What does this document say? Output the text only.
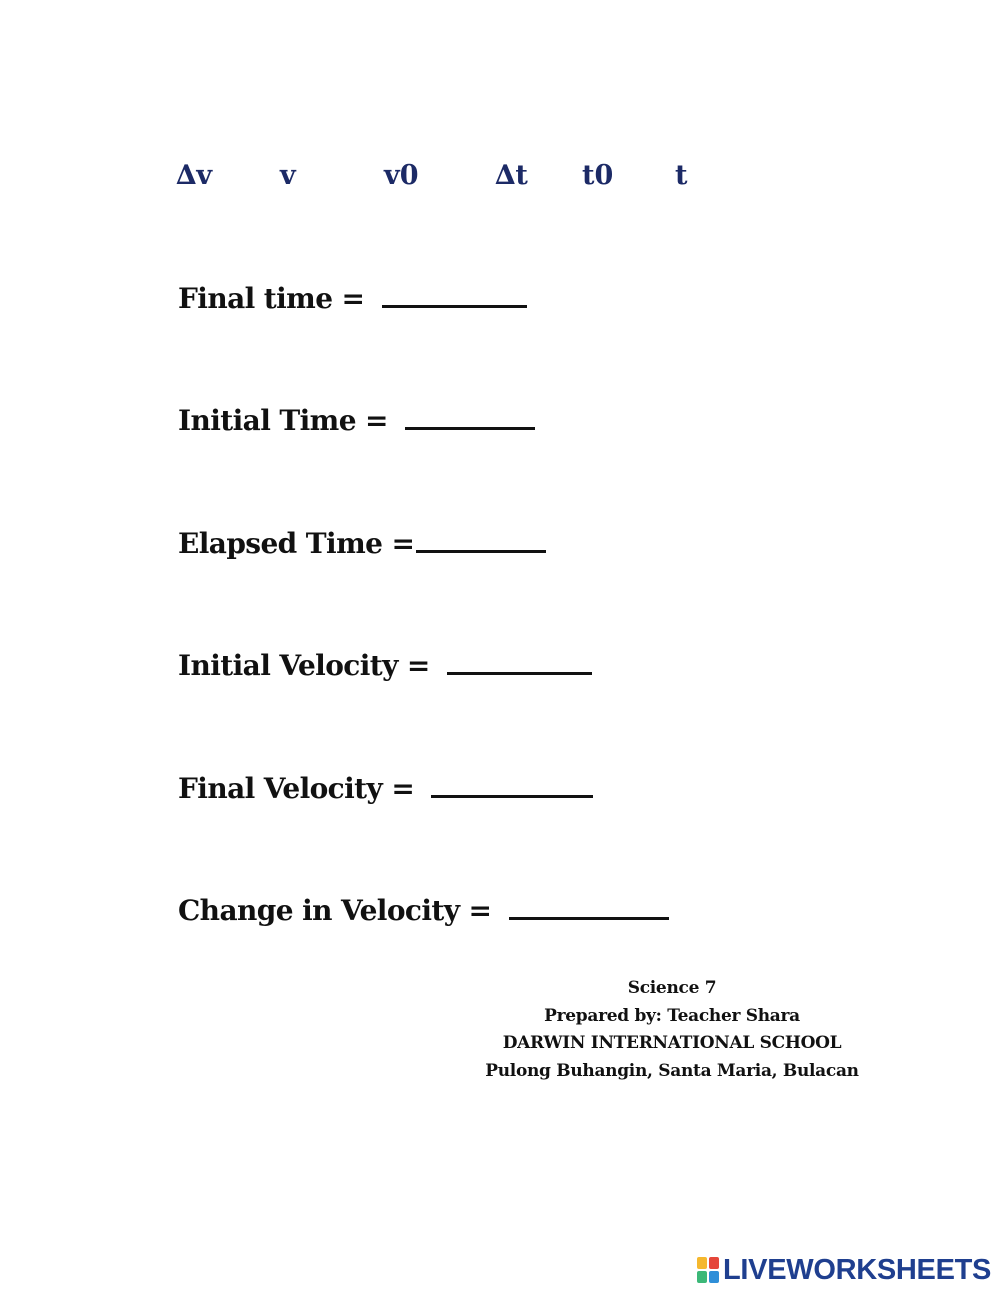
∆v	v	v0	∆t t0 t
Final time =
Initial Time =
Elapsed Time =
Initial Velocity =
Final Velocity =
Change in Velocity =
Science 7
Prepared by: Teacher Shara
DARWIN INTERNATIONAL SCHOOL
Pulong Buhangin, Santa Maria, Bulacan
LIVEWORKSHEETS
